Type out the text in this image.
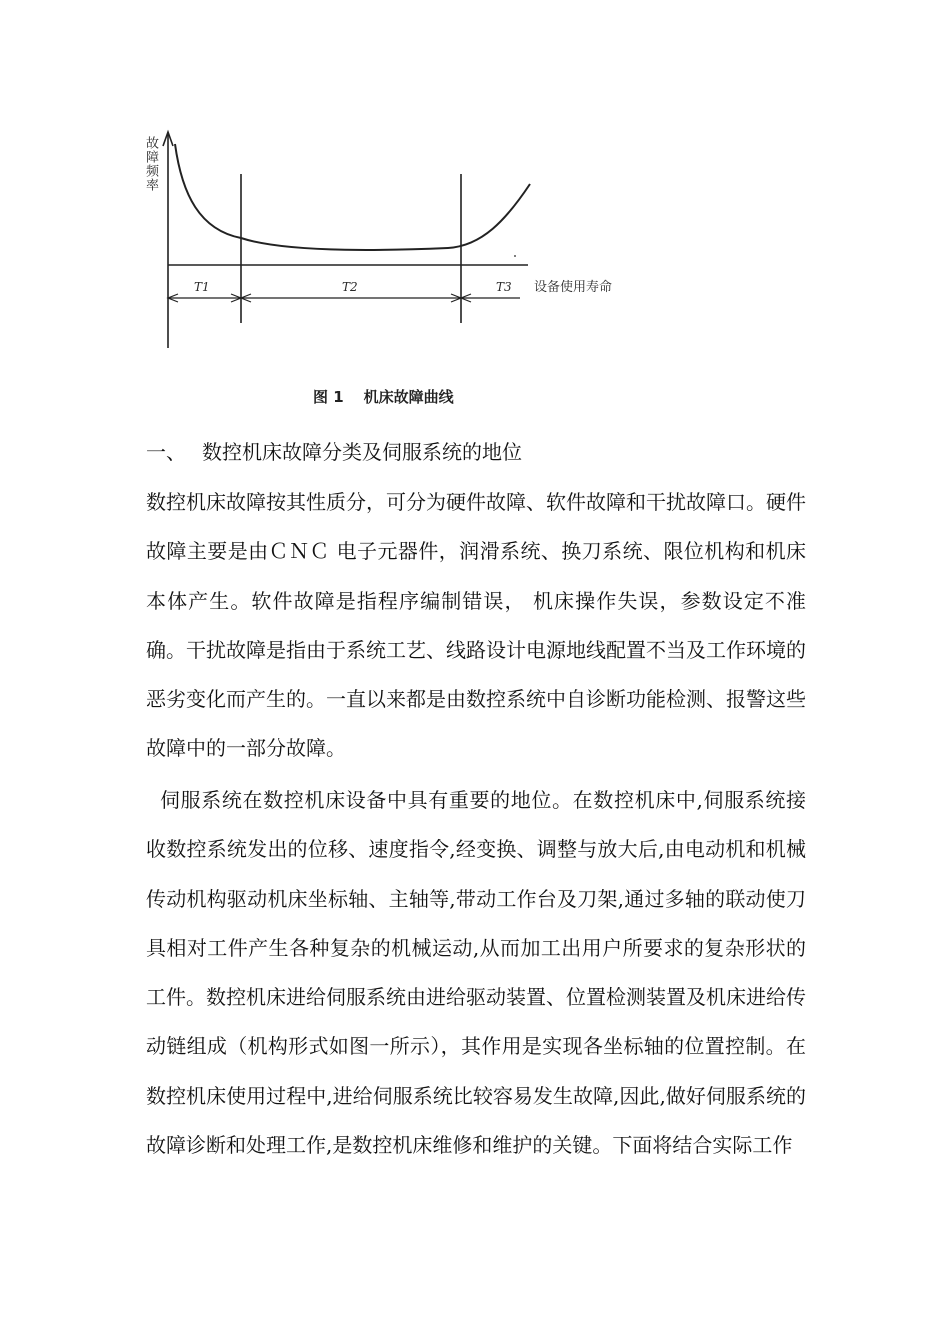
故障频率
设备使用寿命
T1	T2	T3
图 1 机床故障曲线
一、 数控机床故障分类及伺服系统的地位

数控机床故障按其性质分，可分为硬件故障、软件故障和干扰故障口。硬件故障主要是由ＣＮＣ 电子元器件，润滑系统、换刀系统、限位机构和机床本体产生。软件故障是指程序编制错误， 机床操作失误，参数设定不准确。干扰故障是指由于系统工艺、线路设计电源地线配置不当及工作环境的恶劣变化而产生的。一直以来都是由数控系统中自诊断功能检测、报警这些故障中的一部分故障。

伺服系统在数控机床设备中具有重要的地位。在数控机床中,伺服系统接收数控系统发出的位移、速度指令,经变换、调整与放大后,由电动机和机械传动机构驱动机床坐标轴、主轴等,带动工作台及刀架,通过多轴的联动使刀具相对工件产生各种复杂的机械运动,从而加工出用户所要求的复杂形状的工件。数控机床进给伺服系统由进给驱动装置、位置检测装置及机床进给传动链组成（机构形式如图一所示），其作用是实现各坐标轴的位置控制。在数控机床使用过程中,进给伺服系统比较容易发生故障,因此,做好伺服系统的故障诊断和处理工作,是数控机床维修和维护的关键。下面将结合实际工作
